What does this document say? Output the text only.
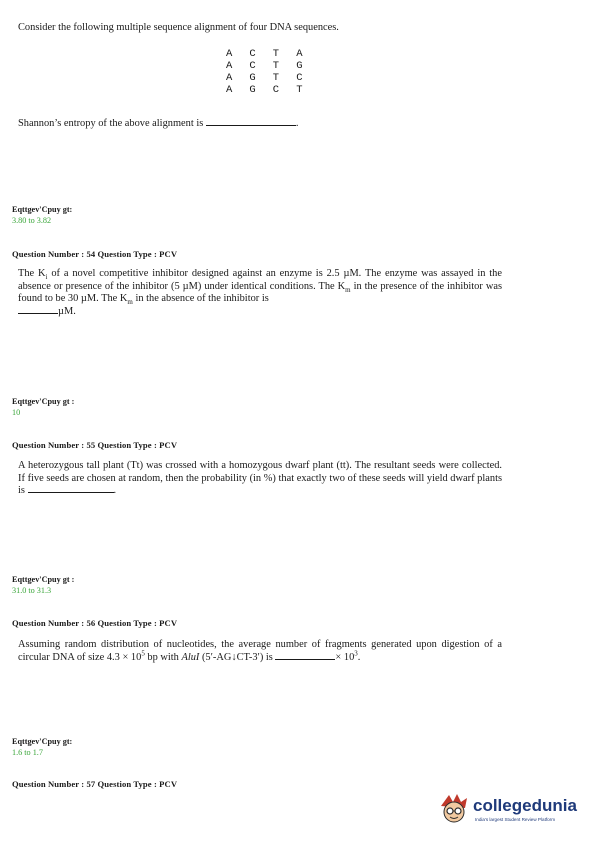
Consider the following multiple sequence alignment of four DNA sequences.
A C T A
A C T G
A G T C
A G C T
Shannon’s entropy of the above alignment is	.
Eqttgev'Cpuy gt:
3.80 to 3.82
Question Number : 54 Question Type : PCV
The $K_i$ of a novel competitive inhibitor designed against an enzyme is 2.5 µM. The enzyme was assayed in the absence or presence of the inhibitor (5 µM) under identical conditions. The $K_m$ in the presence of the inhibitor was found to be 30 µM. The $K_m$ in the absence of the inhibitor is
µM.
Eqttgev'Cpuy gt :
10
Question Number : 55 Question Type : PCV
A heterozygous tall plant (Tt) was crossed with a homozygous dwarf plant (tt). The resultant seeds were collected. If five seeds are chosen at random, then the probability (in %) that exactly two of these seeds will yield dwarf plants is	.
Eqttgev'Cpuy gt :
31.0 to 31.3
Question Number : 56 Question Type : PCV
Assuming random distribution of nucleotides, the average number of fragments generated upon digestion of a circular DNA of size $4.3 \times 10^5$ bp with AluI (5′-AG↓CT-3′) is	× $10^3$.
Eqttgev'Cpuy gt:
1.6 to 1.7
Question Number : 57 Question Type : PCV
collegedunia
India's largest Student Review Platform
